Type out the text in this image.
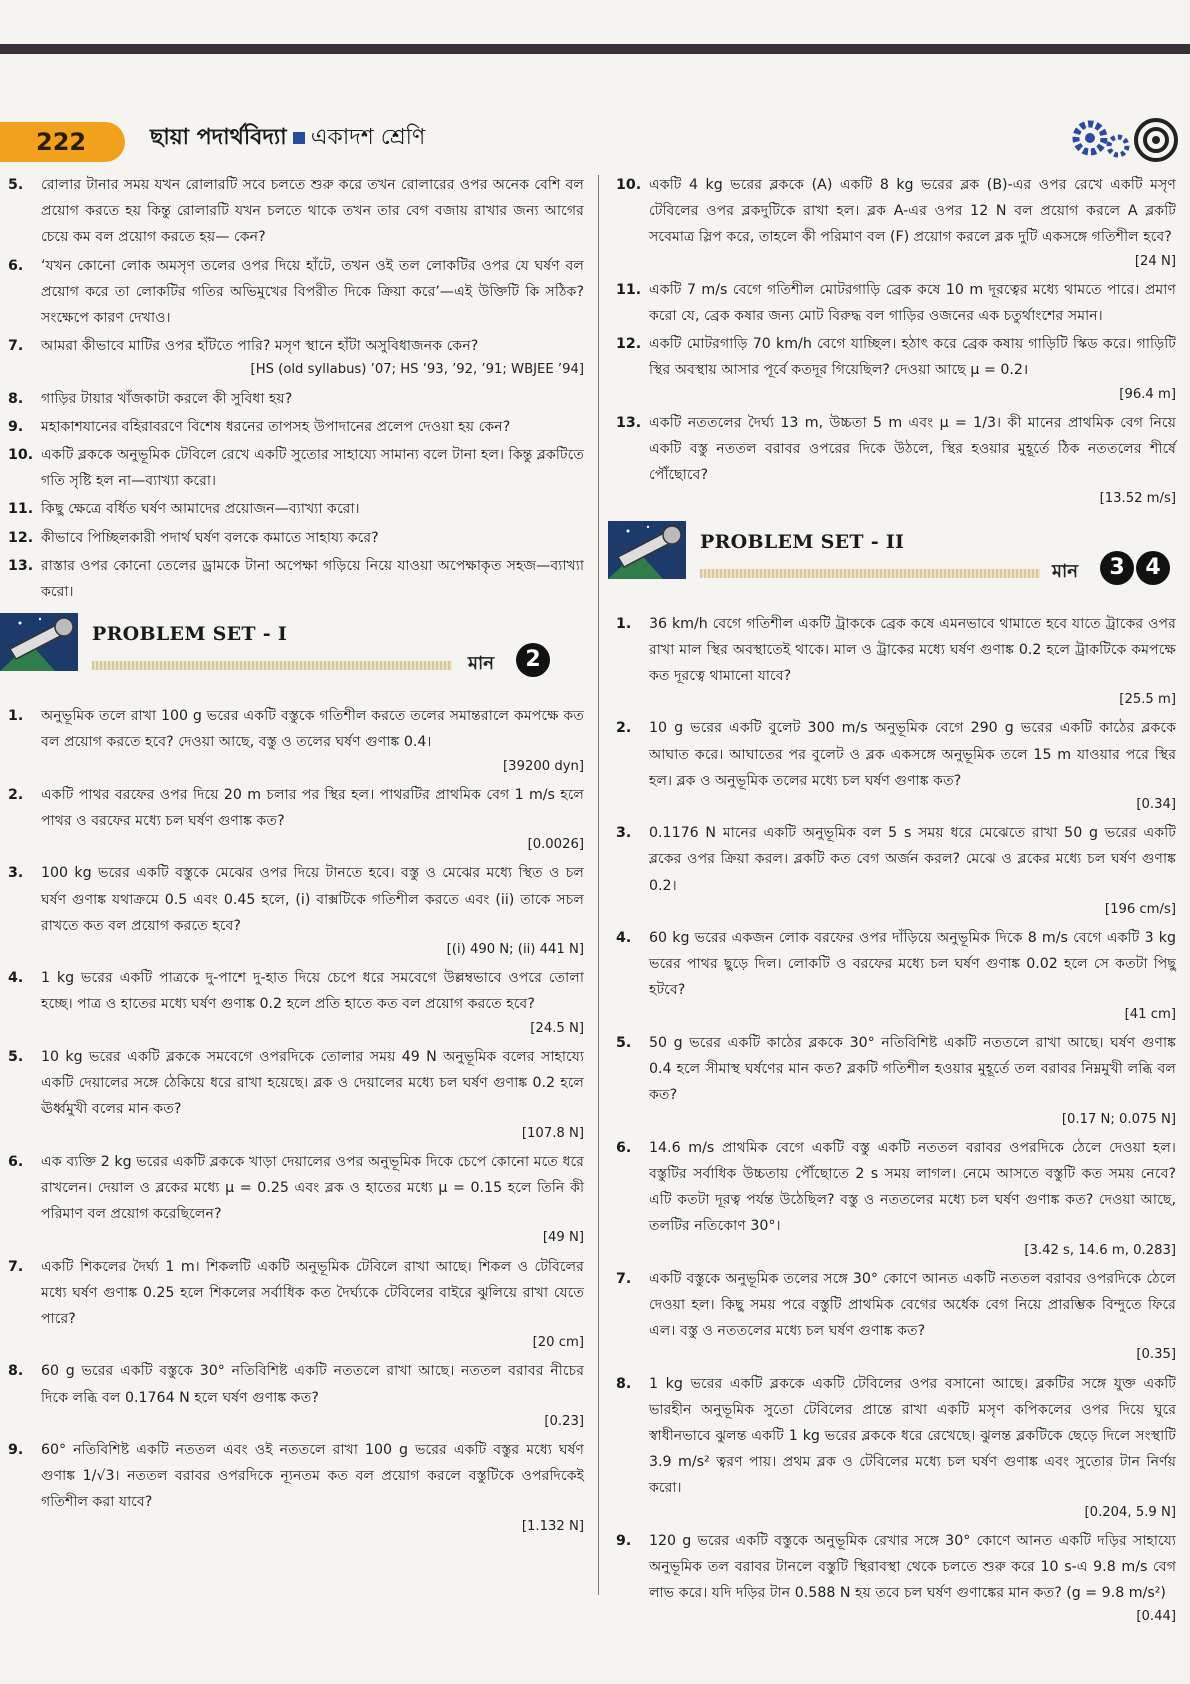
222	ছায়া পদার্থবিদ্যা একাদশ শ্রেণি
5. রোলার টানার সময় যখন রোলারটি সবে চলতে শুরু করে তখন রোলারের ওপর অনেক বেশি বল প্রয়োগ করতে হয় কিন্তু রোলারটি যখন চলতে থাকে তখন তার বেগ বজায় রাখার জন্য আগের চেয়ে কম বল প্রয়োগ করতে হয়— কেন?
6. ‘যখন কোনো লোক অমসৃণ তলের ওপর দিয়ে হাঁটে, তখন ওই তল লোকটির ওপর যে ঘর্ষণ বল প্রয়োগ করে তা লোকটির গতির অভিমুখের বিপরীত দিকে ক্রিয়া করে’—এই উক্তিটি কি সঠিক? সংক্ষেপে কারণ দেখাও।
7. আমরা কীভাবে মাটির ওপর হাঁটতে পারি? মসৃণ স্থানে হাঁটা অসুবিধাজনক কেন?
[HS (old syllabus) ’07; HS ’93, ’92, ’91; WBJEE ’94]
8. গাড়ির টায়ার খাঁজকাটা করলে কী সুবিধা হয়?
9. মহাকাশযানের বহিরাবরণে বিশেষ ধরনের তাপসহ উপাদানের প্রলেপ দেওয়া হয় কেন?
10. একটি ব্লককে অনুভূমিক টেবিলে রেখে একটি সুতোর সাহায্যে সামান্য বলে টানা হল। কিন্তু ব্লকটিতে গতি সৃষ্টি হল না—ব্যাখ্যা করো।
11. কিছু ক্ষেত্রে বর্ধিত ঘর্ষণ আমাদের প্রয়োজন—ব্যাখ্যা করো।
12. কীভাবে পিচ্ছিলকারী পদার্থ ঘর্ষণ বলকে কমাতে সাহায্য করে?
13. রাস্তার ওপর কোনো তেলের ড্রামকে টানা অপেক্ষা গড়িয়ে নিয়ে যাওয়া অপেক্ষাকৃত সহজ—ব্যাখ্যা করো।
PROBLEM SET - I
মান	2
1. অনুভূমিক তলে রাখা 100 g ভরের একটি বস্তুকে গতিশীল করতে তলের সমান্তরালে কমপক্ষে কত বল প্রয়োগ করতে হবে? দেওয়া আছে, বস্তু ও তলের ঘর্ষণ গুণাঙ্ক 0.4।
[39200 dyn]
2. একটি পাথর বরফের ওপর দিয়ে 20 m চলার পর স্থির হল। পাথরটির প্রাথমিক বেগ 1 m/s হলে পাথর ও বরফের মধ্যে চল ঘর্ষণ গুণাঙ্ক কত?
[0.0026]
3. 100 kg ভরের একটি বস্তুকে মেঝের ওপর দিয়ে টানতে হবে। বস্তু ও মেঝের মধ্যে স্থিত ও চল ঘর্ষণ গুণাঙ্ক যথাক্রমে 0.5 এবং 0.45 হলে, (i) বাক্সটিকে গতিশীল করতে এবং (ii) তাকে সচল রাখতে কত বল প্রয়োগ করতে হবে?
[(i) 490 N; (ii) 441 N]
4. 1 kg ভরের একটি পাত্রকে দু-পাশে দু-হাত দিয়ে চেপে ধরে সমবেগে উল্লম্বভাবে ওপরে তোলা হচ্ছে। পাত্র ও হাতের মধ্যে ঘর্ষণ গুণাঙ্ক 0.2 হলে প্রতি হাতে কত বল প্রয়োগ করতে হবে?
[24.5 N]
5. 10 kg ভরের একটি ব্লককে সমবেগে ওপরদিকে তোলার সময় 49 N অনুভূমিক বলের সাহায্যে একটি দেয়ালের সঙ্গে ঠেকিয়ে ধরে রাখা হয়েছে। ব্লক ও দেয়ালের মধ্যে চল ঘর্ষণ গুণাঙ্ক 0.2 হলে ঊর্ধ্বমুখী বলের মান কত?
[107.8 N]
6. এক ব্যক্তি 2 kg ভরের একটি ব্লককে খাড়া দেয়ালের ওপর অনুভূমিক দিকে চেপে কোনো মতে ধরে রাখলেন। দেয়াল ও ব্লকের মধ্যে μ = 0.25 এবং ব্লক ও হাতের মধ্যে μ = 0.15 হলে তিনি কী পরিমাণ বল প্রয়োগ করেছিলেন?
[49 N]
7. একটি শিকলের দৈর্ঘ্য 1 m। শিকলটি একটি অনুভূমিক টেবিলে রাখা আছে। শিকল ও টেবিলের মধ্যে ঘর্ষণ গুণাঙ্ক 0.25 হলে শিকলের সর্বাধিক কত দৈর্ঘ্যকে টেবিলের বাইরে ঝুলিয়ে রাখা যেতে পারে?
[20 cm]
8. 60 g ভরের একটি বস্তুকে 30° নতিবিশিষ্ট একটি নততলে রাখা আছে। নততল বরাবর নীচের দিকে লব্ধি বল 0.1764 N হলে ঘর্ষণ গুণাঙ্ক কত?
[0.23]
9. 60° নতিবিশিষ্ট একটি নততল এবং ওই নততলে রাখা 100 g ভরের একটি বস্তুর মধ্যে ঘর্ষণ গুণাঙ্ক 1/√3। নততল বরাবর ওপরদিকে ন্যূনতম কত বল প্রয়োগ করলে বস্তুটিকে ওপরদিকেই গতিশীল করা যাবে?
[1.132 N]
10. একটি 4 kg ভরের ব্লককে (A) একটি 8 kg ভরের ব্লক (B)-এর ওপর রেখে একটি মসৃণ টেবিলের ওপর ব্লকদুটিকে রাখা হল। ব্লক A-এর ওপর 12 N বল প্রয়োগ করলে A ব্লকটি সবেমাত্র স্লিপ করে, তাহলে কী পরিমাণ বল (F) প্রয়োগ করলে ব্লক দুটি একসঙ্গে গতিশীল হবে?
[24 N]
11. একটি 7 m/s বেগে গতিশীল মোটরগাড়ি ব্রেক কষে 10 m দূরত্বের মধ্যে থামতে পারে। প্রমাণ করো যে, ব্রেক কষার জন্য মোট বিরুদ্ধ বল গাড়ির ওজনের এক চতুর্থাংশের সমান।
12. একটি মোটরগাড়ি 70 km/h বেগে যাচ্ছিল। হঠাৎ করে ব্রেক কষায় গাড়িটি স্কিড করে। গাড়িটি স্থির অবস্থায় আসার পূর্বে কতদূর গিয়েছিল? দেওয়া আছে μ = 0.2।
[96.4 m]
13. একটি নততলের দৈর্ঘ্য 13 m, উচ্চতা 5 m এবং μ = 1/3। কী মানের প্রাথমিক বেগ নিয়ে একটি বস্তু নততল বরাবর ওপরের দিকে উঠলে, স্থির হওয়ার মুহূর্তে ঠিক নততলের শীর্ষে পৌঁছোবে?
[13.52 m/s]
PROBLEM SET - II
মান	3 4
1. 36 km/h বেগে গতিশীল একটি ট্রাককে ব্রেক কষে এমনভাবে থামাতে হবে যাতে ট্রাকের ওপর রাখা মাল স্থির অবস্থাতেই থাকে। মাল ও ট্রাকের মধ্যে ঘর্ষণ গুণাঙ্ক 0.2 হলে ট্রাকটিকে কমপক্ষে কত দূরত্বে থামানো যাবে?
[25.5 m]
2. 10 g ভরের একটি বুলেট 300 m/s অনুভূমিক বেগে 290 g ভরের একটি কাঠের ব্লককে আঘাত করে। আঘাতের পর বুলেট ও ব্লক একসঙ্গে অনুভূমিক তলে 15 m যাওয়ার পরে স্থির হল। ব্লক ও অনুভূমিক তলের মধ্যে চল ঘর্ষণ গুণাঙ্ক কত?
[0.34]
3. 0.1176 N মানের একটি অনুভূমিক বল 5 s সময় ধরে মেঝেতে রাখা 50 g ভরের একটি ব্লকের ওপর ক্রিয়া করল। ব্লকটি কত বেগ অর্জন করল? মেঝে ও ব্লকের মধ্যে চল ঘর্ষণ গুণাঙ্ক 0.2।
[196 cm/s]
4. 60 kg ভরের একজন লোক বরফের ওপর দাঁড়িয়ে অনুভূমিক দিকে 8 m/s বেগে একটি 3 kg ভরের পাথর ছুড়ে দিল। লোকটি ও বরফের মধ্যে চল ঘর্ষণ গুণাঙ্ক 0.02 হলে সে কতটা পিছু হটবে?
[41 cm]
5. 50 g ভরের একটি কাঠের ব্লককে 30° নতিবিশিষ্ট একটি নততলে রাখা আছে। ঘর্ষণ গুণাঙ্ক 0.4 হলে সীমাস্থ ঘর্ষণের মান কত? ব্লকটি গতিশীল হওয়ার মুহূর্তে তল বরাবর নিম্নমুখী লব্ধি বল কত?
[0.17 N; 0.075 N]
6. 14.6 m/s প্রাথমিক বেগে একটি বস্তু একটি নততল বরাবর ওপরদিকে ঠেলে দেওয়া হল। বস্তুটির সর্বাধিক উচ্চতায় পৌঁছোতে 2 s সময় লাগল। নেমে আসতে বস্তুটি কত সময় নেবে? এটি কতটা দূরত্ব পর্যন্ত উঠেছিল? বস্তু ও নততলের মধ্যে চল ঘর্ষণ গুণাঙ্ক কত? দেওয়া আছে, তলটির নতিকোণ 30°।
[3.42 s, 14.6 m, 0.283]
7. একটি বস্তুকে অনুভূমিক তলের সঙ্গে 30° কোণে আনত একটি নততল বরাবর ওপরদিকে ঠেলে দেওয়া হল। কিছু সময় পরে বস্তুটি প্রাথমিক বেগের অর্ধেক বেগ নিয়ে প্রারম্ভিক বিন্দুতে ফিরে এল। বস্তু ও নততলের মধ্যে চল ঘর্ষণ গুণাঙ্ক কত?
[0.35]
8. 1 kg ভরের একটি ব্লককে একটি টেবিলের ওপর বসানো আছে। ব্লকটির সঙ্গে যুক্ত একটি ভারহীন অনুভূমিক সুতো টেবিলের প্রান্তে রাখা একটি মসৃণ কপিকলের ওপর দিয়ে ঘুরে স্বাধীনভাবে ঝুলন্ত একটি 1 kg ভরের ব্লককে ধরে রেখেছে। ঝুলন্ত ব্লকটিকে ছেড়ে দিলে সংস্থাটি 3.9 m/s² ত্বরণ পায়। প্রথম ব্লক ও টেবিলের মধ্যে চল ঘর্ষণ গুণাঙ্ক এবং সুতোর টান নির্ণয় করো।
[0.204, 5.9 N]
9. 120 g ভরের একটি বস্তুকে অনুভূমিক রেখার সঙ্গে 30° কোণে আনত একটি দড়ির সাহায্যে অনুভূমিক তল বরাবর টানলে বস্তুটি স্থিরাবস্থা থেকে চলতে শুরু করে 10 s-এ 9.8 m/s বেগ লাভ করে। যদি দড়ির টান 0.588 N হয় তবে চল ঘর্ষণ গুণাঙ্কের মান কত? (g = 9.8 m/s²)
[0.44]
